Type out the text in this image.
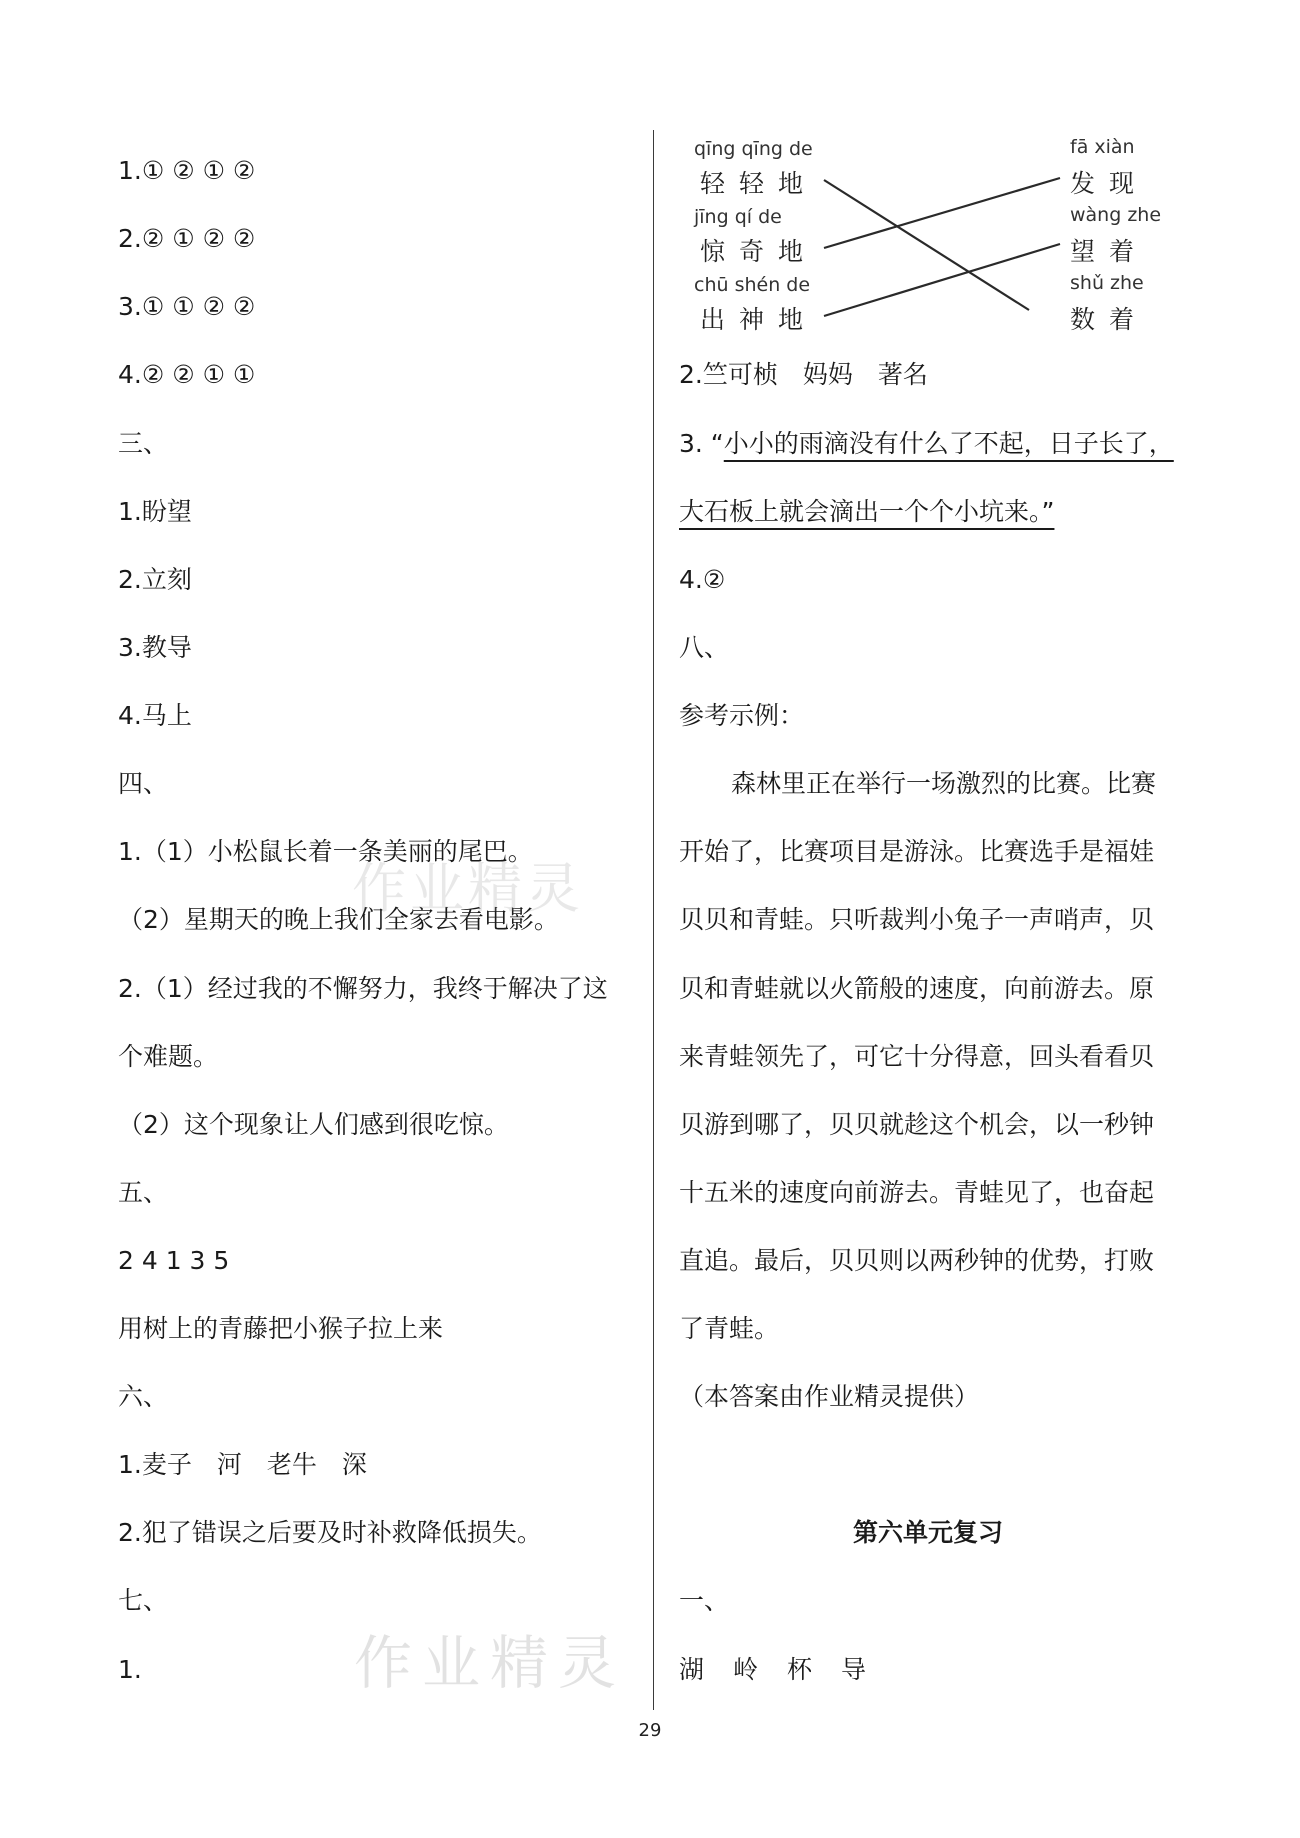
1.① ② ① ②
2.② ① ② ②
3.① ① ② ②
4.② ② ① ①
三、
1.盼望
2.立刻
3.教导
4.马上
四、
1.（1）小松鼠长着一条美丽的尾巴。
（2）星期天的晚上我们全家去看电影。
2.（1）经过我的不懈努力，我终于解决了这
个难题。
（2）这个现象让人们感到很吃惊。
五、
2 4 1 3 5
用树上的青藤把小猴子拉上来
六、
1.麦子　河　老牛　深
2.犯了错误之后要及时补救降低损失。
七、
1.
qīng qīng de
轻轻地
jīng qí de
惊奇地
chū shén de
出神地
fā xiàn
发现
wàng zhe
望着
shǔ zhe
数着
2.竺可桢　妈妈　著名
3. “小小的雨滴没有什么了不起，日子长了，
大石板上就会滴出一个个小坑来。”
4.②
八、
参考示例：
森林里正在举行一场激烈的比赛。比赛
开始了，比赛项目是游泳。比赛选手是福娃
贝贝和青蛙。只听裁判小兔子一声哨声，贝
贝和青蛙就以火箭般的速度，向前游去。原
来青蛙领先了，可它十分得意，回头看看贝
贝游到哪了，贝贝就趁这个机会，以一秒钟
十五米的速度向前游去。青蛙见了，也奋起
直追。最后，贝贝则以两秒钟的优势，打败
了青蛙。
（本答案由作业精灵提供）
第六单元复习
一、
湖　岭　杯　导
作业精灵
作业精灵
29
